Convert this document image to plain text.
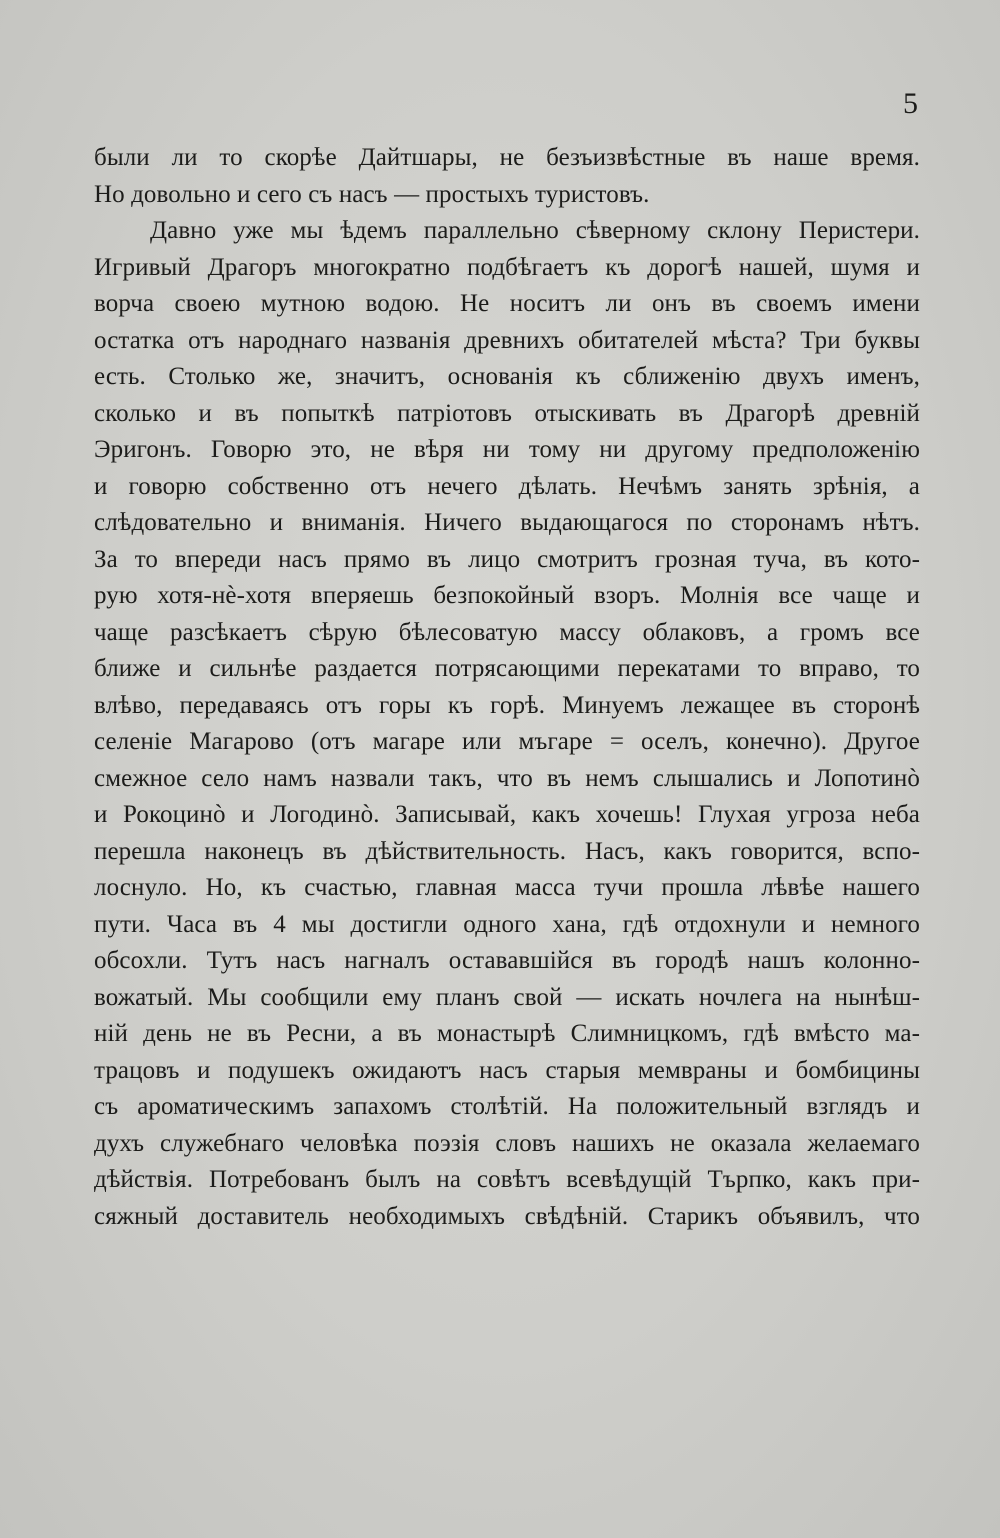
5

были ли то скорѣе Дайтшары, не безъизвѣстные въ наше время.
Но довольно и сего съ насъ — простыхъ туристовъ.
Давно уже мы ѣдемъ параллельно сѣверному склону Перистери.
Игривый Драгоръ многократно подбѣгаетъ къ дорогѣ нашей, шумя и
ворча своею мутною водою. Не носитъ ли онъ въ своемъ имени
остатка отъ народнаго названія древнихъ обитателей мѣста? Три буквы
есть. Столько же, значитъ, основанія къ сближенію двухъ именъ,
сколько и въ попыткѣ патріотовъ отыскивать въ Драгорѣ древній
Эригонъ. Говорю это, не вѣря ни тому ни другому предположенію
и говорю собственно отъ нечего дѣлать. Нечѣмъ занять зрѣнія, а
слѣдовательно и вниманія. Ничего выдающагося по сторонамъ нѣтъ.
За то впереди насъ прямо въ лицо смотритъ грозная туча, въ кото-
рую хотя-нѐ-хотя вперяешь безпокойный взоръ. Молнія все чаще и
чаще разсѣкаетъ сѣрую бѣлесоватую массу облаковъ, а громъ все
ближе и сильнѣе раздается потрясающими перекатами то вправо, то
влѣво, передаваясь отъ горы къ горѣ. Минуемъ лежащее въ сторонѣ
селеніе Магарово (отъ магаре или мъгаре = оселъ, конечно). Другое
смежное село намъ назвали такъ, что въ немъ слышались и Лопотинò
и Рокоцинò и Логодинò. Записывай, какъ хочешь! Глухая угроза неба
перешла наконецъ въ дѣйствительность. Насъ, какъ говорится, вспо-
лоснуло. Но, къ счастью, главная масса тучи прошла лѣвѣе нашего
пути. Часа въ 4 мы достигли одного хана, гдѣ отдохнули и немного
обсохли. Тутъ насъ нагналъ остававшійся въ городѣ нашъ колонно-
вожатый. Мы сообщили ему планъ свой — искать ночлега на нынѣш-
ній день не въ Ресни, а въ монастырѣ Слимницкомъ, гдѣ вмѣсто ма-
трацовъ и подушекъ ожидаютъ насъ старыя мемвраны и бомбицины
съ ароматическимъ запахомъ столѣтій. На положительный взглядъ и
духъ служебнаго человѣка поэзія словъ нашихъ не оказала желаемаго
дѣйствія. Потребованъ былъ на совѣтъ всевѣдущій Търпко, какъ при-
сяжный доставитель необходимыхъ свѣдѣній. Старикъ объявилъ, что
